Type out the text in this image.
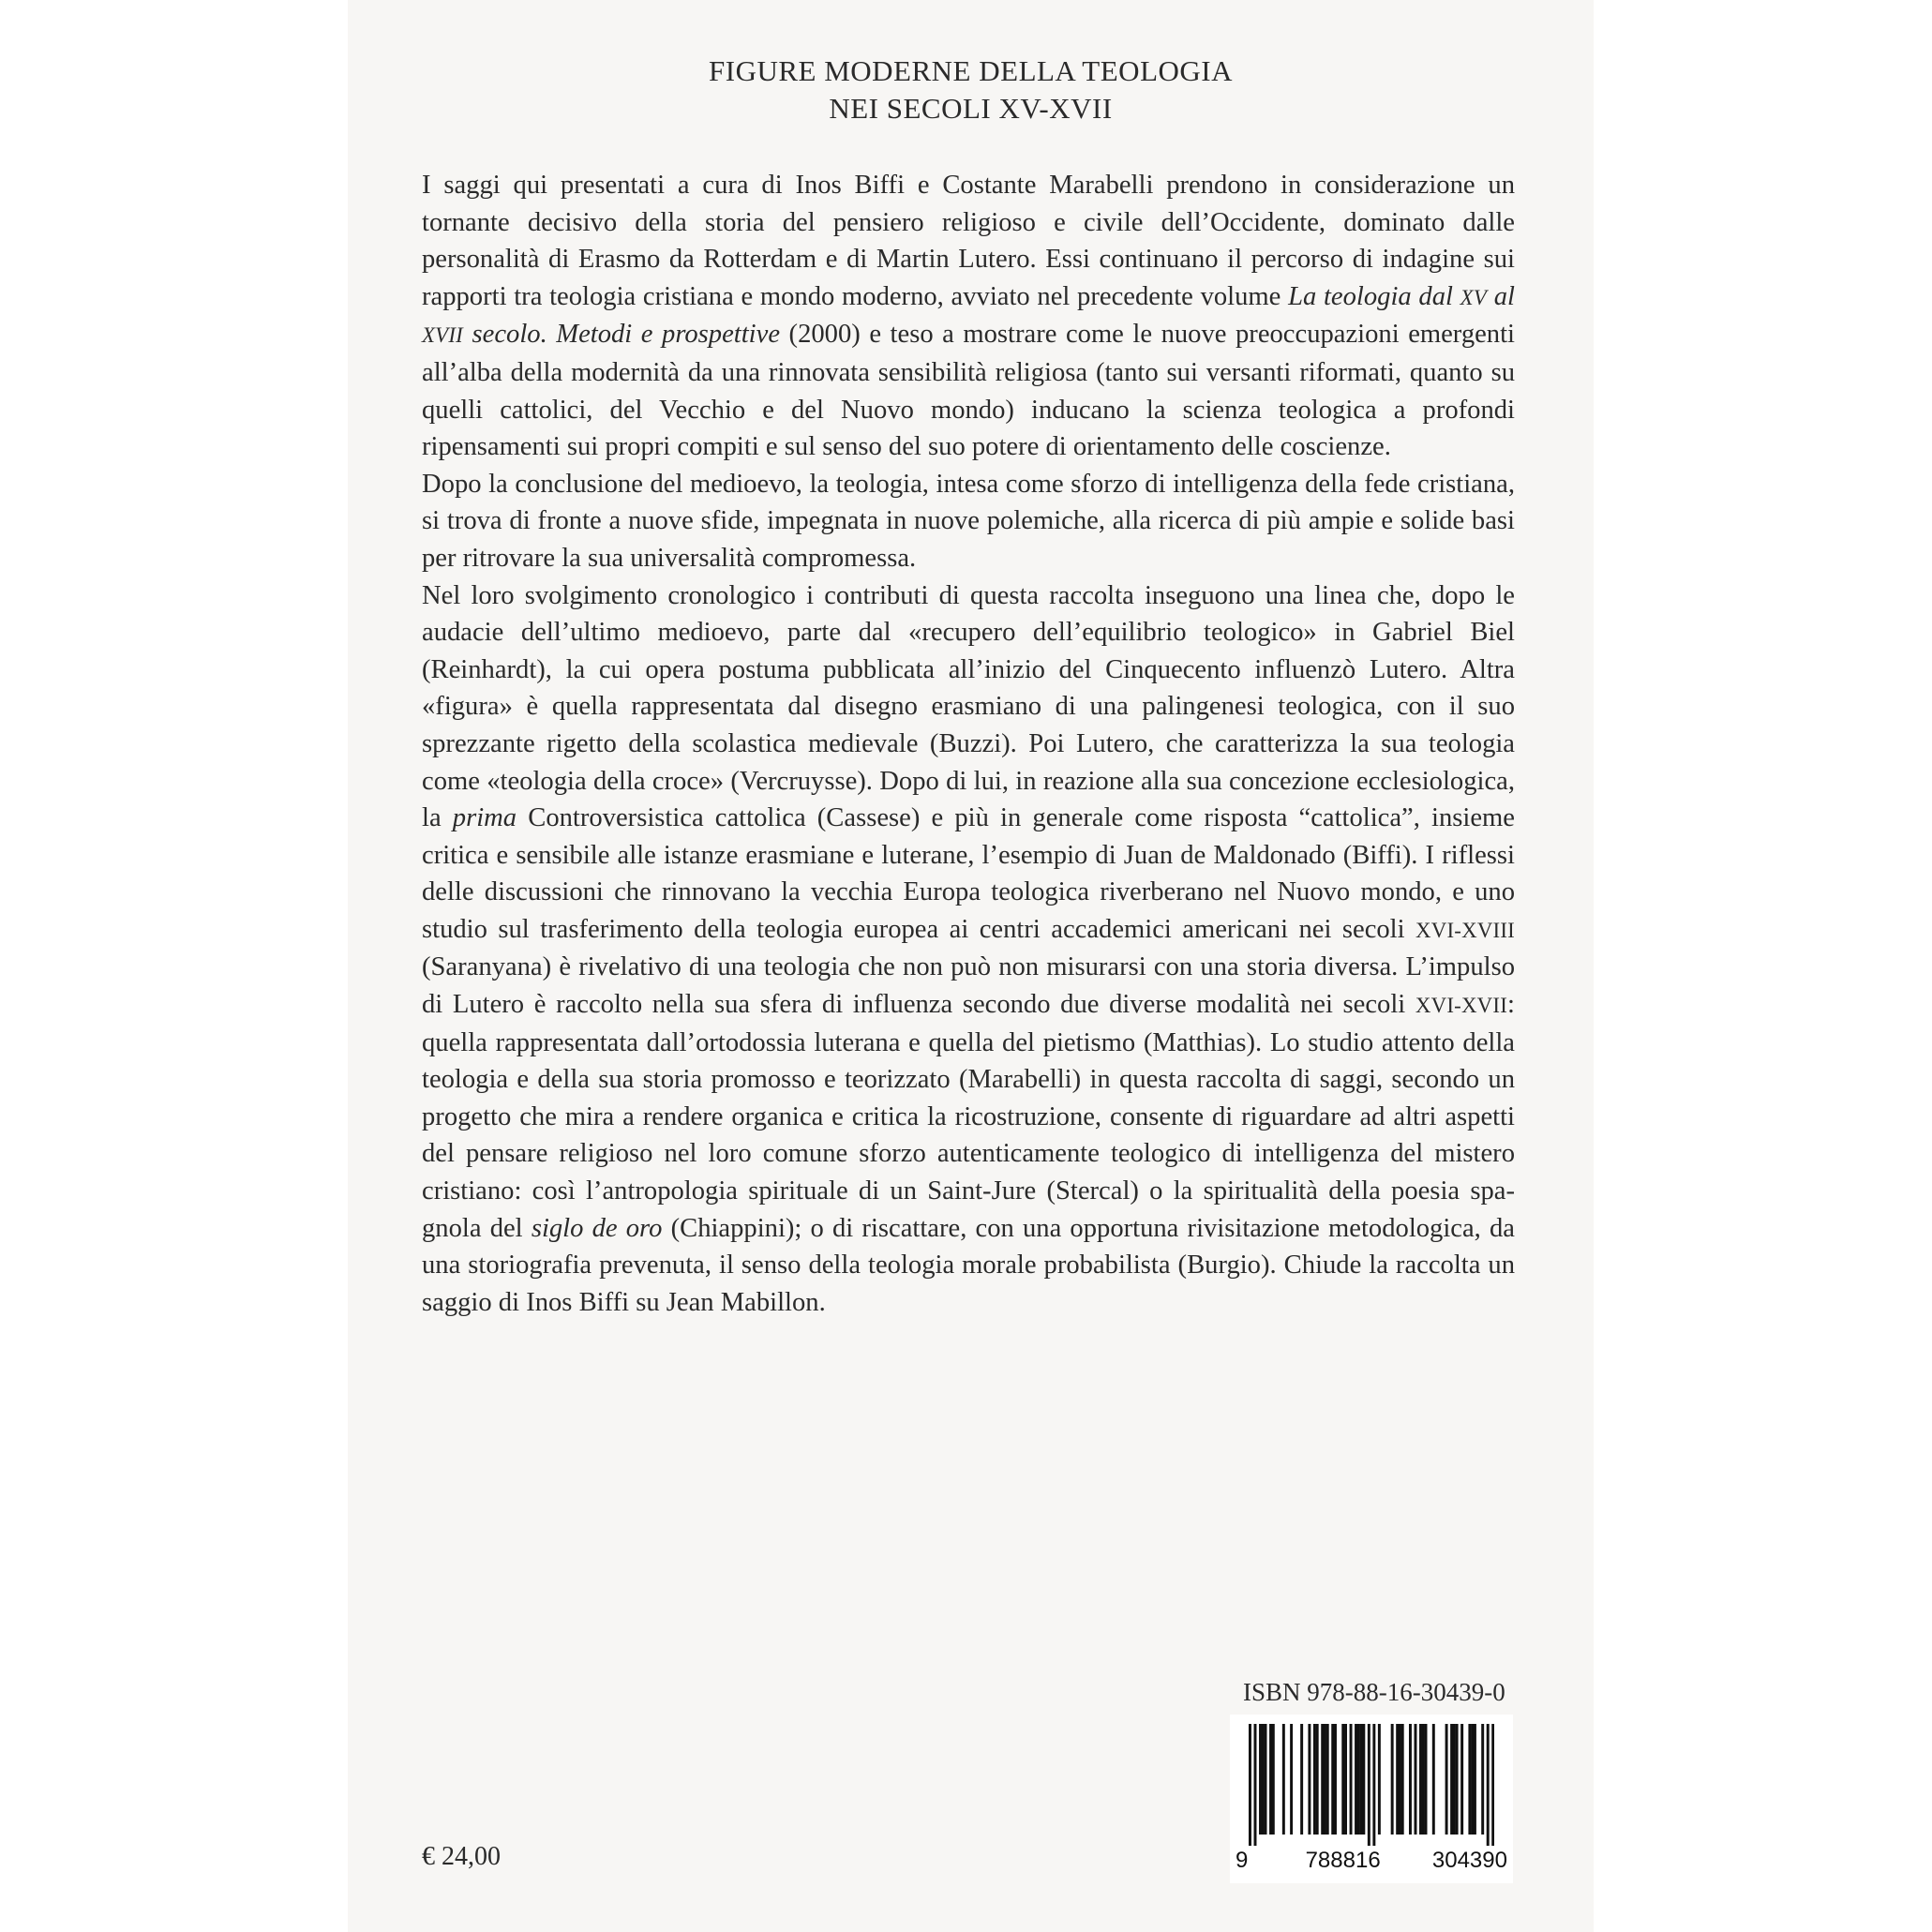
FIGURE MODERNE DELLA TEOLOGIA
NEI SECOLI XV-XVII

I saggi qui presentati a cura di Inos Biffi e Costante Marabelli prendono in considerazione un tornante decisivo della storia del pensiero religioso e civile dell’Occidente, dominato dalle personalità di Erasmo da Rotterdam e di Martin Lutero. Essi continuano il percorso di indagine sui rapporti tra teologia cristiana e mondo moderno, avviato nel precedente volume La teologia dal XV al XVII secolo. Metodi e prospettive (2000) e teso a mostrare come le nuove preoccupazioni emergenti all’alba della modernità da una rinnovata sensibilità religiosa (tanto sui versanti riformati, quanto su quelli cattolici, del Vecchio e del Nuovo mondo) inducano la scienza teologica a profondi ripensamenti sui propri compiti e sul senso del suo potere di orientamento delle coscienze.

Dopo la conclusione del medioevo, la teologia, intesa come sforzo di intelligenza della fede cristiana, si trova di fronte a nuove sfide, impegnata in nuove polemiche, alla ricerca di più ampie e solide basi per ritrovare la sua universalità compromessa.

Nel loro svolgimento cronologico i contributi di questa raccolta inseguono una linea che, dopo le audacie dell’ultimo medioevo, parte dal «recupero dell’equilibrio teologico» in Gabriel Biel (Reinhardt), la cui opera postuma pubblicata all’inizio del Cinquecento influenzò Lutero. Altra «figura» è quella rappresentata dal disegno erasmiano di una palingenesi teologica, con il suo sprezzante rigetto della scolastica medievale (Buzzi). Poi Lutero, che caratterizza la sua teologia come «teologia della croce» (Vercruysse). Dopo di lui, in reazione alla sua concezione ecclesiologica, la prima Controversistica cattolica (Cassese) e più in generale come risposta “cattolica”, insieme critica e sensibile alle istanze erasmiane e luterane, l’esempio di Juan de Maldonado (Biffi). I riflessi delle discussioni che rinnovano la vecchia Europa teologica riverberano nel Nuovo mondo, e uno studio sul trasferimento della teologia europea ai centri accademici americani nei secoli XVI-XVIII (Saranyana) è rivelativo di una teologia che non può non misurarsi con una storia diversa. L’impulso di Lutero è raccolto nella sua sfera di influenza secondo due diverse modalità nei secoli XVI-XVII: quella rappresentata dall’ortodossia luterana e quella del pietismo (Matthias). Lo studio attento della teologia e della sua storia promosso e teorizzato (Marabelli) in questa raccolta di saggi, secondo un progetto che mira a rendere organica e critica la ricostruzione, consente di riguardare ad altri aspetti del pensare religioso nel loro comune sforzo autenticamente teologico di intelligenza del mistero cristiano: così l’antropologia spirituale di un Saint-Jure (Stercal) o la spiritualità della poesia spagnola del siglo de oro (Chiappini); o di riscattare, con una opportuna rivisitazione metodologica, da una storiografia prevenuta, il senso della teologia morale probabilista (Burgio). Chiude la raccolta un saggio di Inos Biffi su Jean Mabillon.

ISBN 978-88-16-30439-0
9	788816 304390
€ 24,00
